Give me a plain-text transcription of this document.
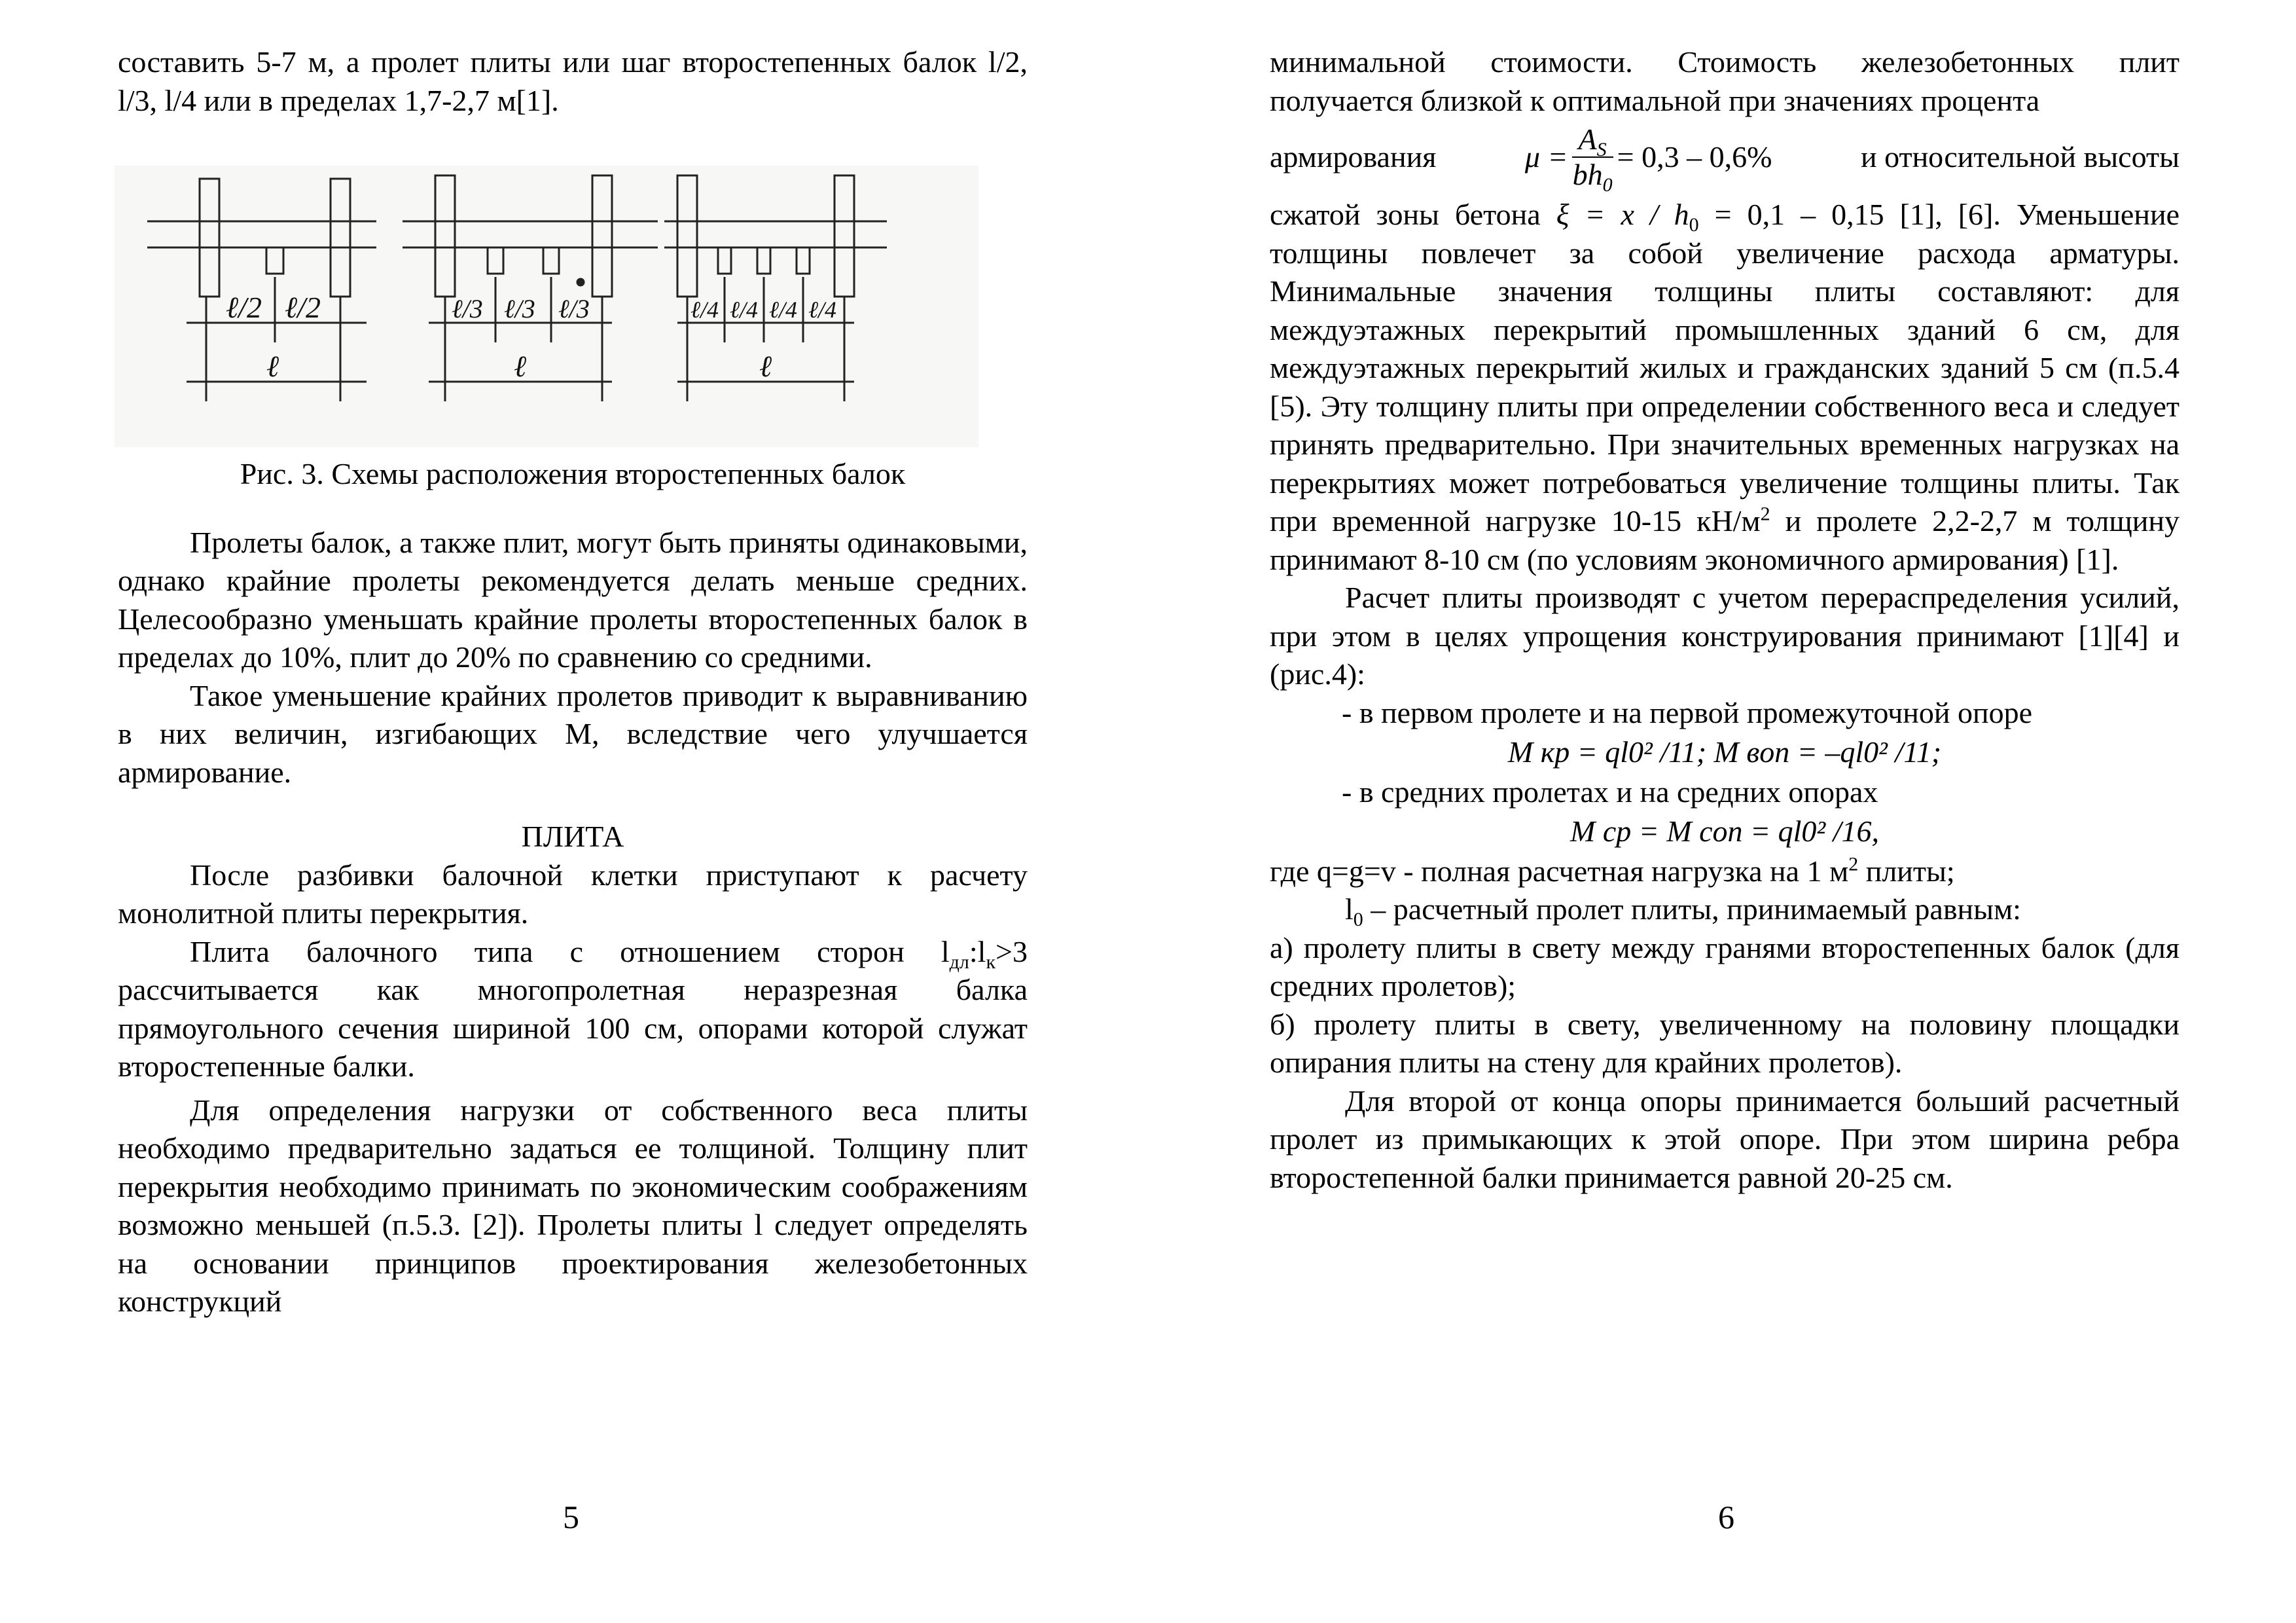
составить 5-7 м, а пролет плиты или шаг второстепенных балок l/2, l/3, l/4 или в пределах 1,7-2,7 м[1].

ℓ/2 ℓ/2
ℓ
ℓ/3 ℓ/3 ℓ/3
ℓ
ℓ/4 ℓ/4 ℓ/4 ℓ/4
ℓ

Рис. 3. Схемы расположения второстепенных балок

Пролеты балок, а также плит, могут быть приняты одинаковыми, однако крайние пролеты рекомендуется делать меньше средних. Целесообразно уменьшать крайние пролеты второстепенных балок в пределах до 10%, плит до 20% по сравнению со средними.

Такое уменьшение крайних пролетов приводит к выравниванию в них величин, изгибающих М, вследствие чего улучшается армирование.

ПЛИТА

После разбивки балочной клетки приступают к расчету монолитной плиты перекрытия.

Плита балочного типа с отношением сторон $l_{дл}:l_к>3$ рассчитывается как многопролетная неразрезная балка прямоугольного сечения шириной 100 см, опорами которой служат второстепенные балки.

Для определения нагрузки от собственного веса плиты необходимо предварительно задаться ее толщиной. Толщину плит перекрытия необходимо принимать по экономическим соображениям возможно меньшей (п.5.3. [2]). Пролеты плиты l следует определять на основании принципов проектирования железобетонных конструкций

5

минимальной стоимости. Стоимость железобетонных плит получается близкой к оптимальной при значениях процента

армирования	$\mu = \frac{A_S}{bh_0} = 0,3 - 0,6\%$	и относительной высоты

сжатой зоны бетона $\xi = x / h_0 = 0,1 - 0,15$ [1], [6]. Уменьшение толщины повлечет за собой увеличение расхода арматуры. Минимальные значения толщины плиты составляют: для междуэтажных перекрытий промышленных зданий 6 см, для междуэтажных перекрытий жилых и гражданских зданий 5 см (п.5.4 [5). Эту толщину плиты при определении собственного веса и следует принять предварительно. При значительных временных нагрузках на перекрытиях может потребоваться увеличение толщины плиты. Так при временной нагрузке 10-15 $кН/м^2$ и пролете 2,2-2,7 м толщину принимают 8-10 см (по условиям экономичного армирования) [1].

Расчет плиты производят с учетом перераспределения усилий, при этом в целях упрощения конструирования принимают [1][4] и (рис.4):

- в первом пролете и на первой промежуточной опоре

M кр = ql0² /11; M вoп = –ql0² /11;

- в средних пролетах и на средних опорах

M ср = M cоп = ql0² /16,

где q=g=v - полная расчетная нагрузка на 1 $м^2$ плиты;

$l_0$ – расчетный пролет плиты, принимаемый равным:

а) пролету плиты в свету между гранями второстепенных балок (для средних пролетов);

б) пролету плиты в свету, увеличенному на половину площадки опирания плиты на стену для крайних пролетов).

Для второй от конца опоры принимается больший расчетный пролет из примыкающих к этой опоре. При этом ширина ребра второстепенной балки принимается равной 20-25 см.

6
